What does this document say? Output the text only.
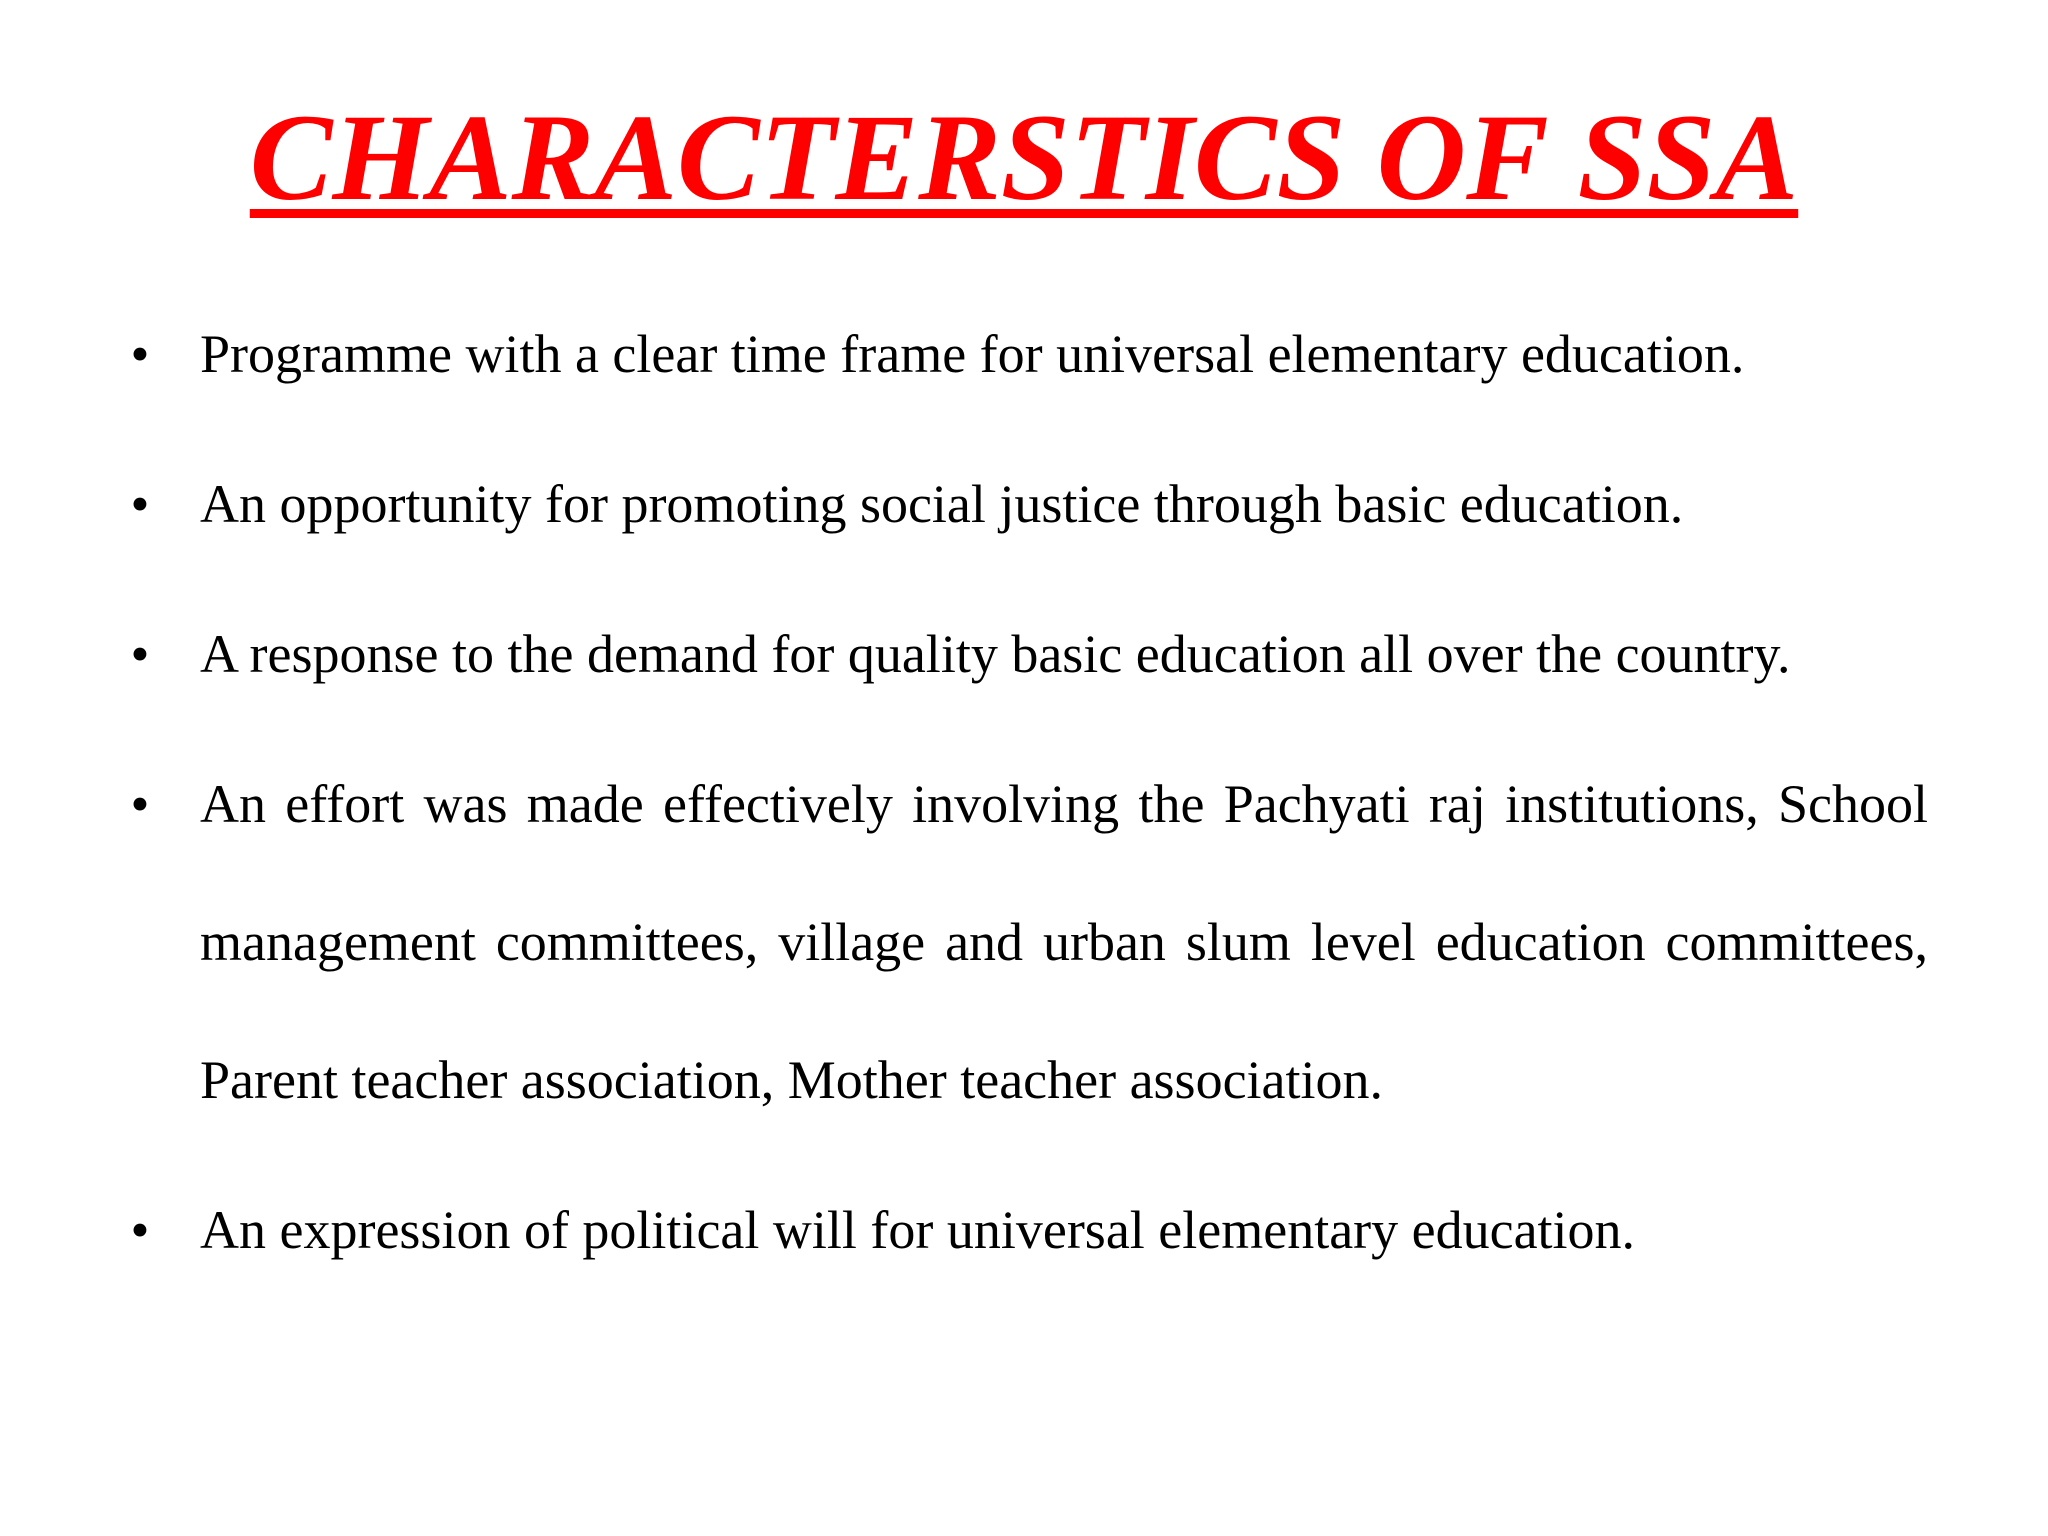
CHARACTERSTICS OF SSA
• Programme with a clear time frame for universal elementary education.
• An opportunity for promoting social justice through basic education.
• A response to the demand for quality basic education all over the country.
• An effort was made effectively involving the Pachyati raj institutions, School management committees, village and urban slum level education committees, Parent teacher association, Mother teacher association.
• An expression of political will for universal elementary education.
